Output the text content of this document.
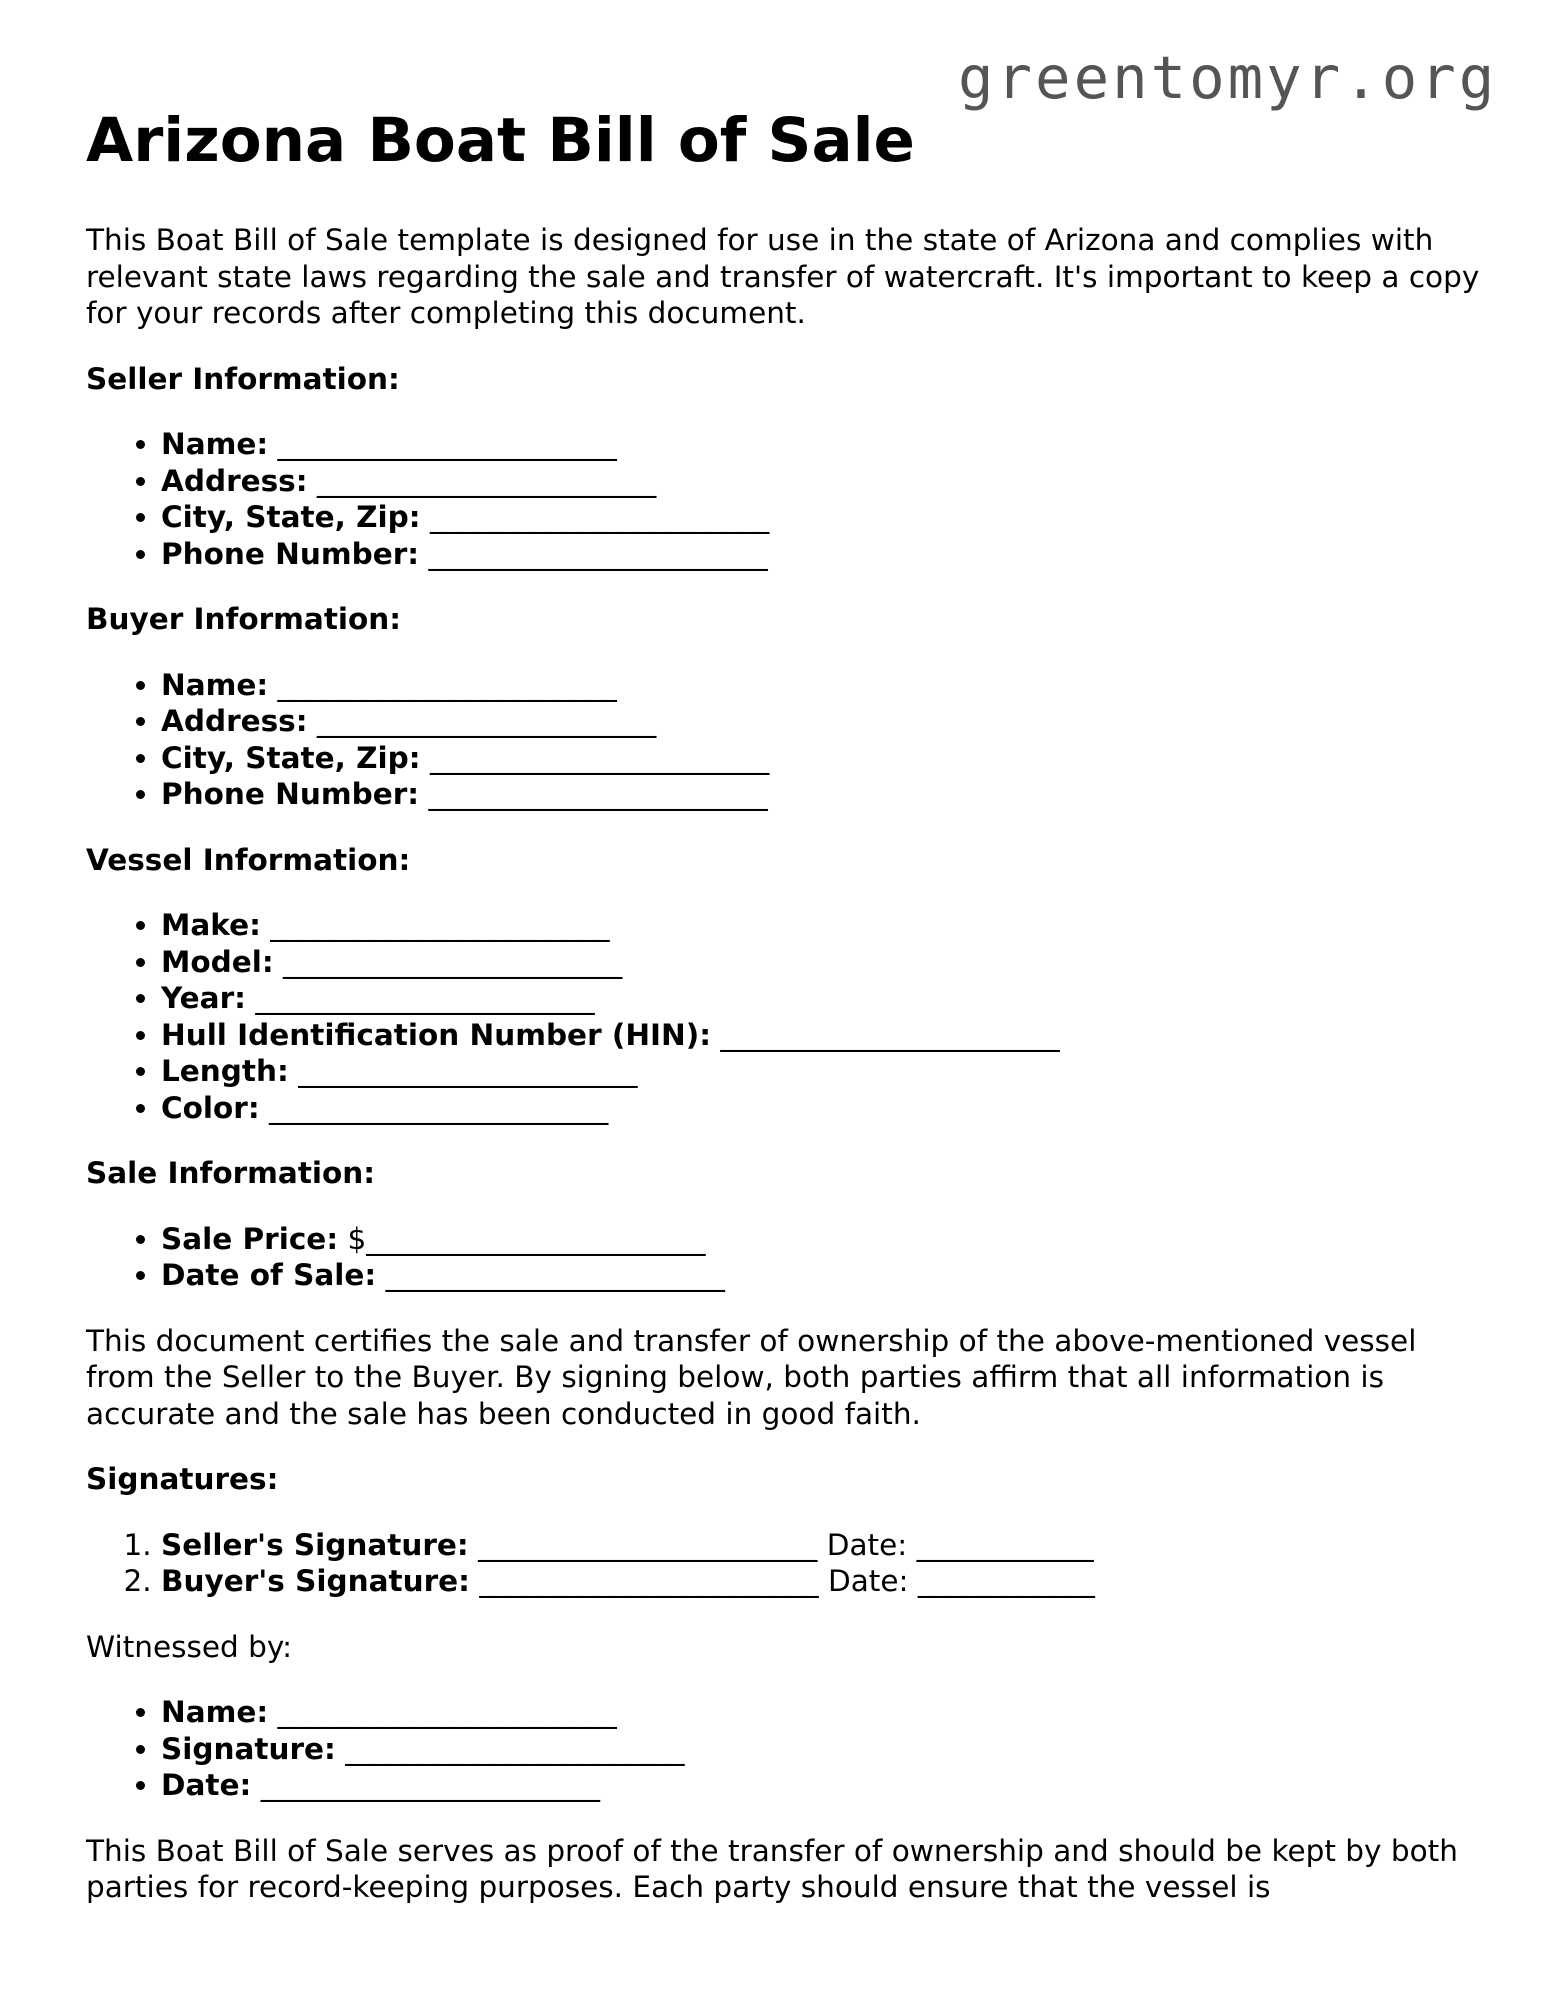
greentomyr.org
Arizona Boat Bill of Sale

This Boat Bill of Sale template is designed for use in the state of Arizona and complies with relevant state laws regarding the sale and transfer of watercraft. It's important to keep a copy for your records after completing this document.

Seller Information:
• Name: _______________________
• Address: _______________________
• City, State, Zip: _______________________
• Phone Number: _______________________
Buyer Information:
• Name: _______________________
• Address: _______________________
• City, State, Zip: _______________________
• Phone Number: _______________________
Vessel Information:
• Make: _______________________
• Model: _______________________
• Year: _______________________
• Hull Identification Number (HIN): _______________________
• Length: _______________________
• Color: _______________________
Sale Information:
• Sale Price: $_______________________
• Date of Sale: _______________________

This document certifies the sale and transfer of ownership of the above-mentioned vessel from the Seller to the Buyer. By signing below, both parties affirm that all information is accurate and the sale has been conducted in good faith.

Signatures:
1. Seller's Signature: _______________________ Date: ____________
2. Buyer's Signature: _______________________ Date: ____________

Witnessed by:

• Name: _______________________
• Signature: _______________________
• Date: _______________________

This Boat Bill of Sale serves as proof of the transfer of ownership and should be kept by both parties for record-keeping purposes. Each party should ensure that the vessel is
